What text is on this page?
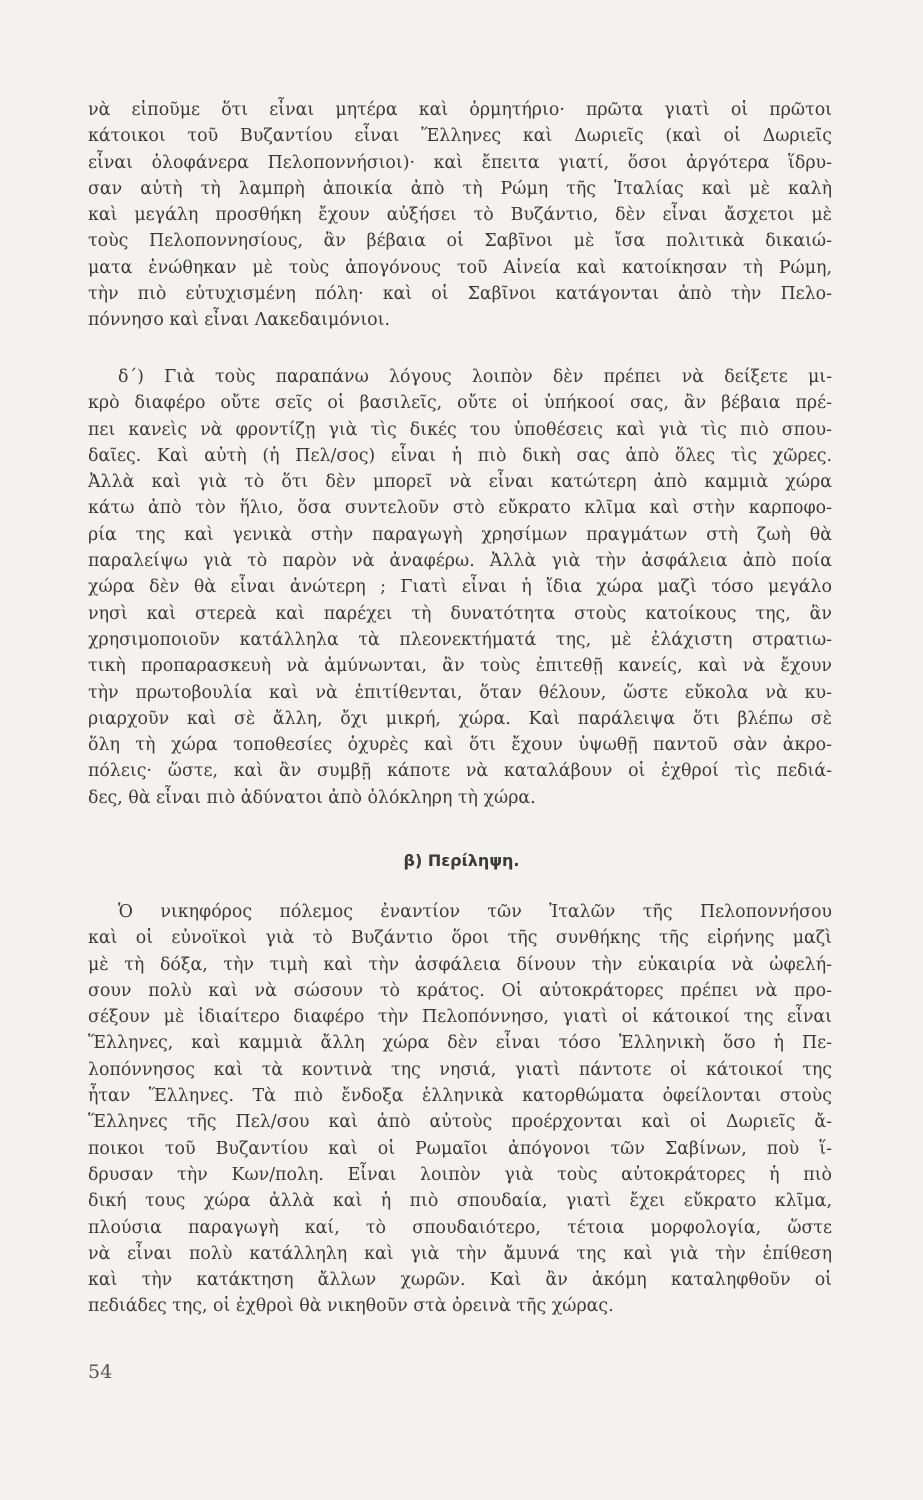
νὰ εἰποῦμε ὅτι εἶναι μητέρα καὶ ὁρμητήριο· πρῶτα γιατὶ οἱ πρῶτοι
κάτοικοι τοῦ Βυζαντίου εἶναι Ἕλληνες καὶ Δωριεῖς (καὶ οἱ Δωριεῖς
εἶναι ὁλοφάνερα Πελοποννήσιοι)· καὶ ἔπειτα γιατί, ὅσοι ἀργότερα ἵδρυ-
σαν αὐτὴ τὴ λαμπρὴ ἀποικία ἀπὸ τὴ Ρώμη τῆς Ἰταλίας καὶ μὲ καλὴ
καὶ μεγάλη προσθήκη ἔχουν αὐξήσει τὸ Βυζάντιο, δὲν εἶναι ἄσχετοι μὲ
τοὺς Πελοποννησίους, ἂν βέβαια οἱ Σαβῖνοι μὲ ἴσα πολιτικὰ δικαιώ-
ματα ἑνώθηκαν μὲ τοὺς ἀπογόνους τοῦ Αἰνεία καὶ κατοίκησαν τὴ Ρώμη,
τὴν πιὸ εὐτυχισμένη πόλη· καὶ οἱ Σαβῖνοι κατάγονται ἀπὸ τὴν Πελο-
πόννησο καὶ εἶναι Λακεδαιμόνιοι.
δ΄) Γιὰ τοὺς παραπάνω λόγους λοιπὸν δὲν πρέπει νὰ δείξετε μι-
κρὸ διαφέρο οὔτε σεῖς οἱ βασιλεῖς, οὔτε οἱ ὑπήκοοί σας, ἂν βέβαια πρέ-
πει κανεὶς νὰ φροντίζῃ γιὰ τὶς δικές του ὑποθέσεις καὶ γιὰ τὶς πιὸ σπου-
δαῖες. Καὶ αὐτὴ (ἡ Πελ/σος) εἶναι ἡ πιὸ δικὴ σας ἀπὸ ὅλες τὶς χῶρες.
Ἀλλὰ καὶ γιὰ τὸ ὅτι δὲν μπορεῖ νὰ εἶναι κατώτερη ἀπὸ καμμιὰ χώρα
κάτω ἀπὸ τὸν ἥλιο, ὅσα συντελοῦν στὸ εὔκρατο κλῖμα καὶ στὴν καρποφο-
ρία της καὶ γενικὰ στὴν παραγωγὴ χρησίμων πραγμάτων στὴ ζωὴ θὰ
παραλείψω γιὰ τὸ παρὸν νὰ ἀναφέρω. Ἀλλὰ γιὰ τὴν ἀσφάλεια ἀπὸ ποία
χώρα δὲν θὰ εἶναι ἀνώτερη ; Γιατὶ εἶναι ἡ ἴδια χώρα μαζὶ τόσο μεγάλο
νησὶ καὶ στερεὰ καὶ παρέχει τὴ δυνατότητα στοὺς κατοίκους της, ἂν
χρησιμοποιοῦν κατάλληλα τὰ πλεονεκτήματά της, μὲ ἐλάχιστη στρατιω-
τικὴ προπαρασκευὴ νὰ ἀμύνωνται, ἂν τοὺς ἐπιτεθῇ κανείς, καὶ νὰ ἔχουν
τὴν πρωτοβουλία καὶ νὰ ἐπιτίθενται, ὅταν θέλουν, ὥστε εὔκολα νὰ κυ-
ριαρχοῦν καὶ σὲ ἄλλη, ὄχι μικρή, χώρα. Καὶ παράλειψα ὅτι βλέπω σὲ
ὅλη τὴ χώρα τοποθεσίες ὀχυρὲς καὶ ὅτι ἔχουν ὑψωθῇ παντοῦ σὰν ἀκρο-
πόλεις· ὥστε, καὶ ἂν συμβῇ κάποτε νὰ καταλάβουν οἱ ἐχθροί τὶς πεδιά-
δες, θὰ εἶναι πιὸ ἀδύνατοι ἀπὸ ὁλόκληρη τὴ χώρα.
β) Περίληψη.
Ὁ νικηφόρος πόλεμος ἐναντίον τῶν Ἰταλῶν τῆς Πελοποννήσου
καὶ οἱ εὐνοϊκοὶ γιὰ τὸ Βυζάντιο ὅροι τῆς συνθήκης τῆς εἰρήνης μαζὶ
μὲ τὴ δόξα, τὴν τιμὴ καὶ τὴν ἀσφάλεια δίνουν τὴν εὐκαιρία νὰ ὠφελή-
σουν πολὺ καὶ νὰ σώσουν τὸ κράτος. Οἱ αὐτοκράτορες πρέπει νὰ προ-
σέξουν μὲ ἰδιαίτερο διαφέρο τὴν Πελοπόννησο, γιατὶ οἱ κάτοικοί της εἶναι
Ἕλληνες, καὶ καμμιὰ ἄλλη χώρα δὲν εἶναι τόσο Ἑλληνικὴ ὅσο ἡ Πε-
λοπόννησος καὶ τὰ κοντινὰ της νησιά, γιατὶ πάντοτε οἱ κάτοικοί της
ἦταν Ἕλληνες. Τὰ πιὸ ἔνδοξα ἑλληνικὰ κατορθώματα ὀφείλονται στοὺς
Ἕλληνες τῆς Πελ/σου καὶ ἀπὸ αὐτοὺς προέρχονται καὶ οἱ Δωριεῖς ἄ-
ποικοι τοῦ Βυζαντίου καὶ οἱ Ρωμαῖοι ἀπόγονοι τῶν Σαβίνων, ποὺ ἵ-
δρυσαν τὴν Κων/πολη. Εἶναι λοιπὸν γιὰ τοὺς αὐτοκράτορες ἡ πιὸ
δική τους χώρα ἀλλὰ καὶ ἡ πιὸ σπουδαία, γιατὶ ἔχει εὔκρατο κλῖμα,
πλούσια παραγωγὴ καί, τὸ σπουδαιότερο, τέτοια μορφολογία, ὥστε
νὰ εἶναι πολὺ κατάλληλη καὶ γιὰ τὴν ἄμυνά της καὶ γιὰ τὴν ἐπίθεση
καὶ τὴν κατάκτηση ἄλλων χωρῶν. Καὶ ἂν ἀκόμη καταληφθοῦν οἱ
πεδιάδες της, οἱ ἐχθροὶ θὰ νικηθοῦν στὰ ὀρεινὰ τῆς χώρας.
54
